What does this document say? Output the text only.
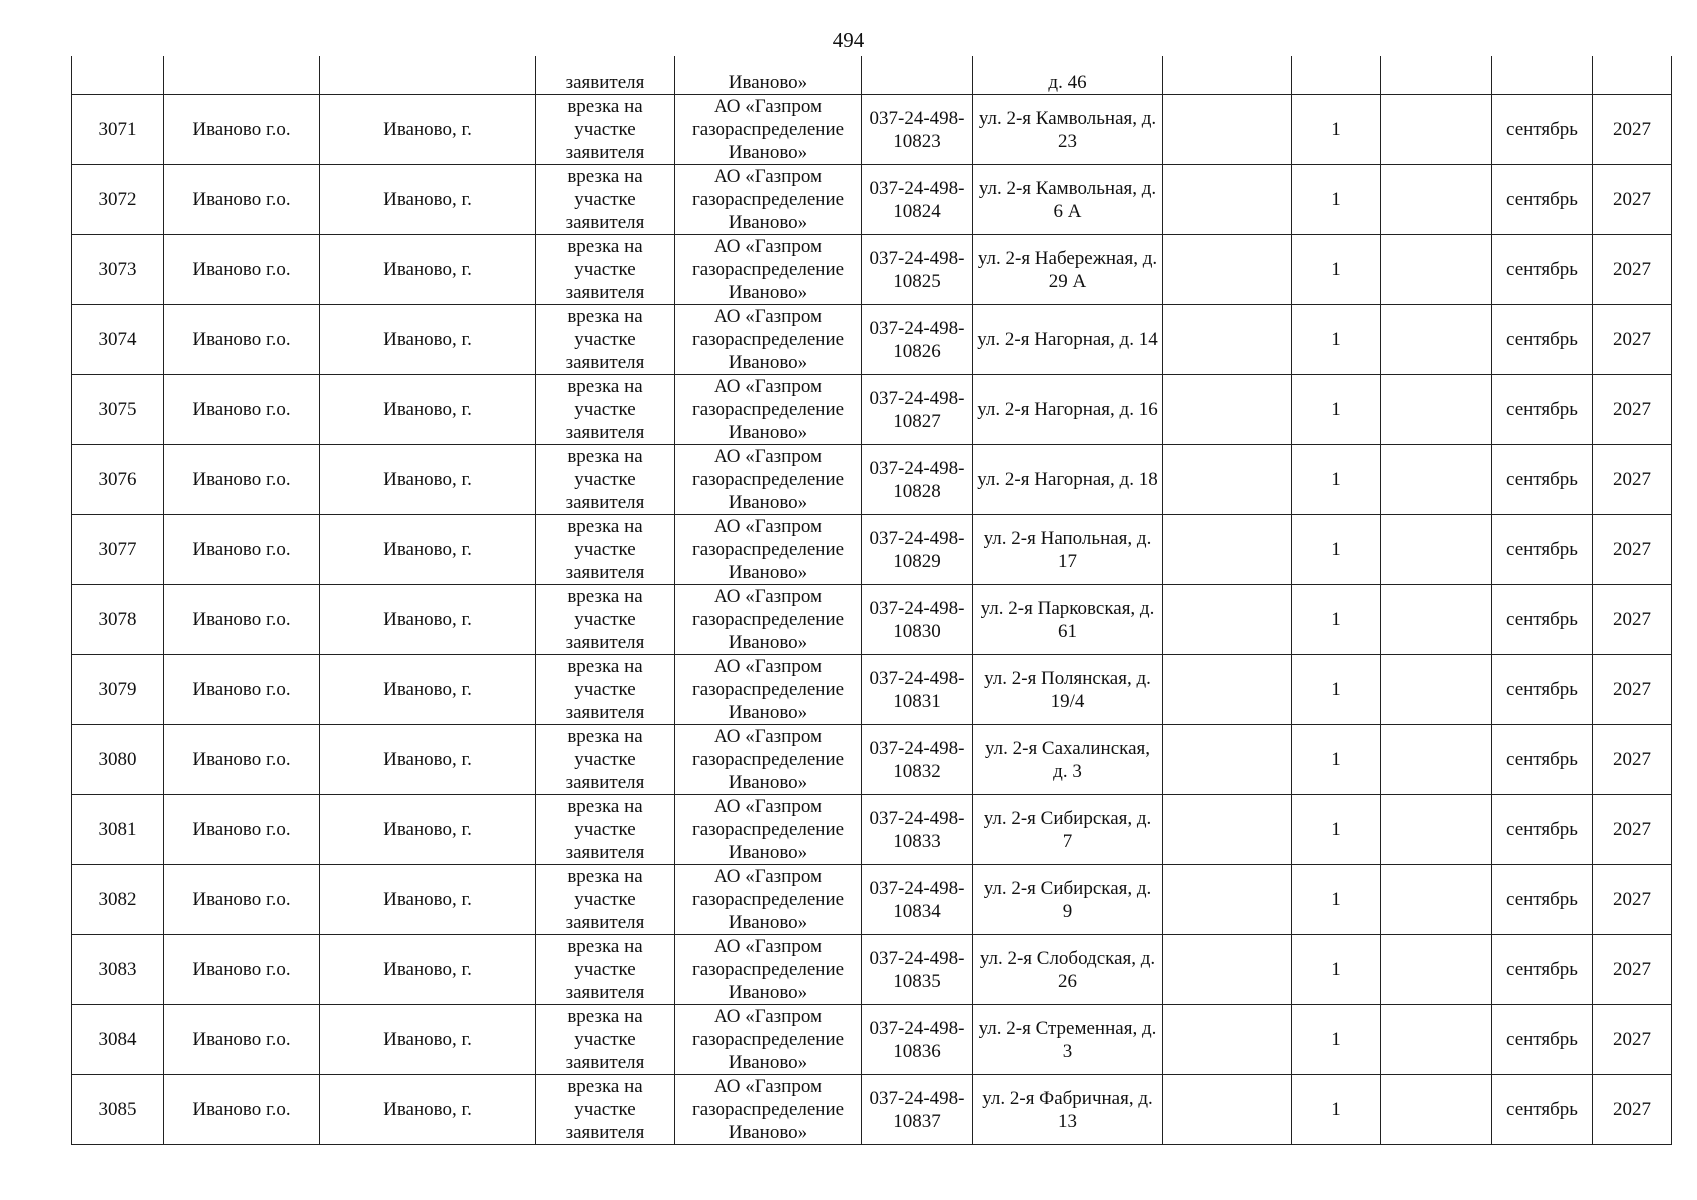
494
			заявителя	Иваново»		д. 46					
3071	Иваново г.о.	Иваново, г.	врезка на участке заявителя	АО «Газпром газораспределение Иваново»	037-24-498-10823	ул. 2-я Камвольная, д. 23		1		сентябрь	2027
3072	Иваново г.о.	Иваново, г.	врезка на участке заявителя	АО «Газпром газораспределение Иваново»	037-24-498-10824	ул. 2-я Камвольная, д. 6 А		1		сентябрь	2027
3073	Иваново г.о.	Иваново, г.	врезка на участке заявителя	АО «Газпром газораспределение Иваново»	037-24-498-10825	ул. 2-я Набережная, д. 29 А		1		сентябрь	2027
3074	Иваново г.о.	Иваново, г.	врезка на участке заявителя	АО «Газпром газораспределение Иваново»	037-24-498-10826	ул. 2-я Нагорная, д. 14		1		сентябрь	2027
3075	Иваново г.о.	Иваново, г.	врезка на участке заявителя	АО «Газпром газораспределение Иваново»	037-24-498-10827	ул. 2-я Нагорная, д. 16		1		сентябрь	2027
3076	Иваново г.о.	Иваново, г.	врезка на участке заявителя	АО «Газпром газораспределение Иваново»	037-24-498-10828	ул. 2-я Нагорная, д. 18		1		сентябрь	2027
3077	Иваново г.о.	Иваново, г.	врезка на участке заявителя	АО «Газпром газораспределение Иваново»	037-24-498-10829	ул. 2-я Напольная, д. 17		1		сентябрь	2027
3078	Иваново г.о.	Иваново, г.	врезка на участке заявителя	АО «Газпром газораспределение Иваново»	037-24-498-10830	ул. 2-я Парковская, д. 61		1		сентябрь	2027
3079	Иваново г.о.	Иваново, г.	врезка на участке заявителя	АО «Газпром газораспределение Иваново»	037-24-498-10831	ул. 2-я Полянская, д. 19/4		1		сентябрь	2027
3080	Иваново г.о.	Иваново, г.	врезка на участке заявителя	АО «Газпром газораспределение Иваново»	037-24-498-10832	ул. 2-я Сахалинская, д. 3		1		сентябрь	2027
3081	Иваново г.о.	Иваново, г.	врезка на участке заявителя	АО «Газпром газораспределение Иваново»	037-24-498-10833	ул. 2-я Сибирская, д. 7		1		сентябрь	2027
3082	Иваново г.о.	Иваново, г.	врезка на участке заявителя	АО «Газпром газораспределение Иваново»	037-24-498-10834	ул. 2-я Сибирская, д. 9		1		сентябрь	2027
3083	Иваново г.о.	Иваново, г.	врезка на участке заявителя	АО «Газпром газораспределение Иваново»	037-24-498-10835	ул. 2-я Слободская, д. 26		1		сентябрь	2027
3084	Иваново г.о.	Иваново, г.	врезка на участке заявителя	АО «Газпром газораспределение Иваново»	037-24-498-10836	ул. 2-я Стременная, д. 3		1		сентябрь	2027
3085	Иваново г.о.	Иваново, г.	врезка на участке заявителя	АО «Газпром газораспределение Иваново»	037-24-498-10837	ул. 2-я Фабричная, д. 13		1		сентябрь	2027
